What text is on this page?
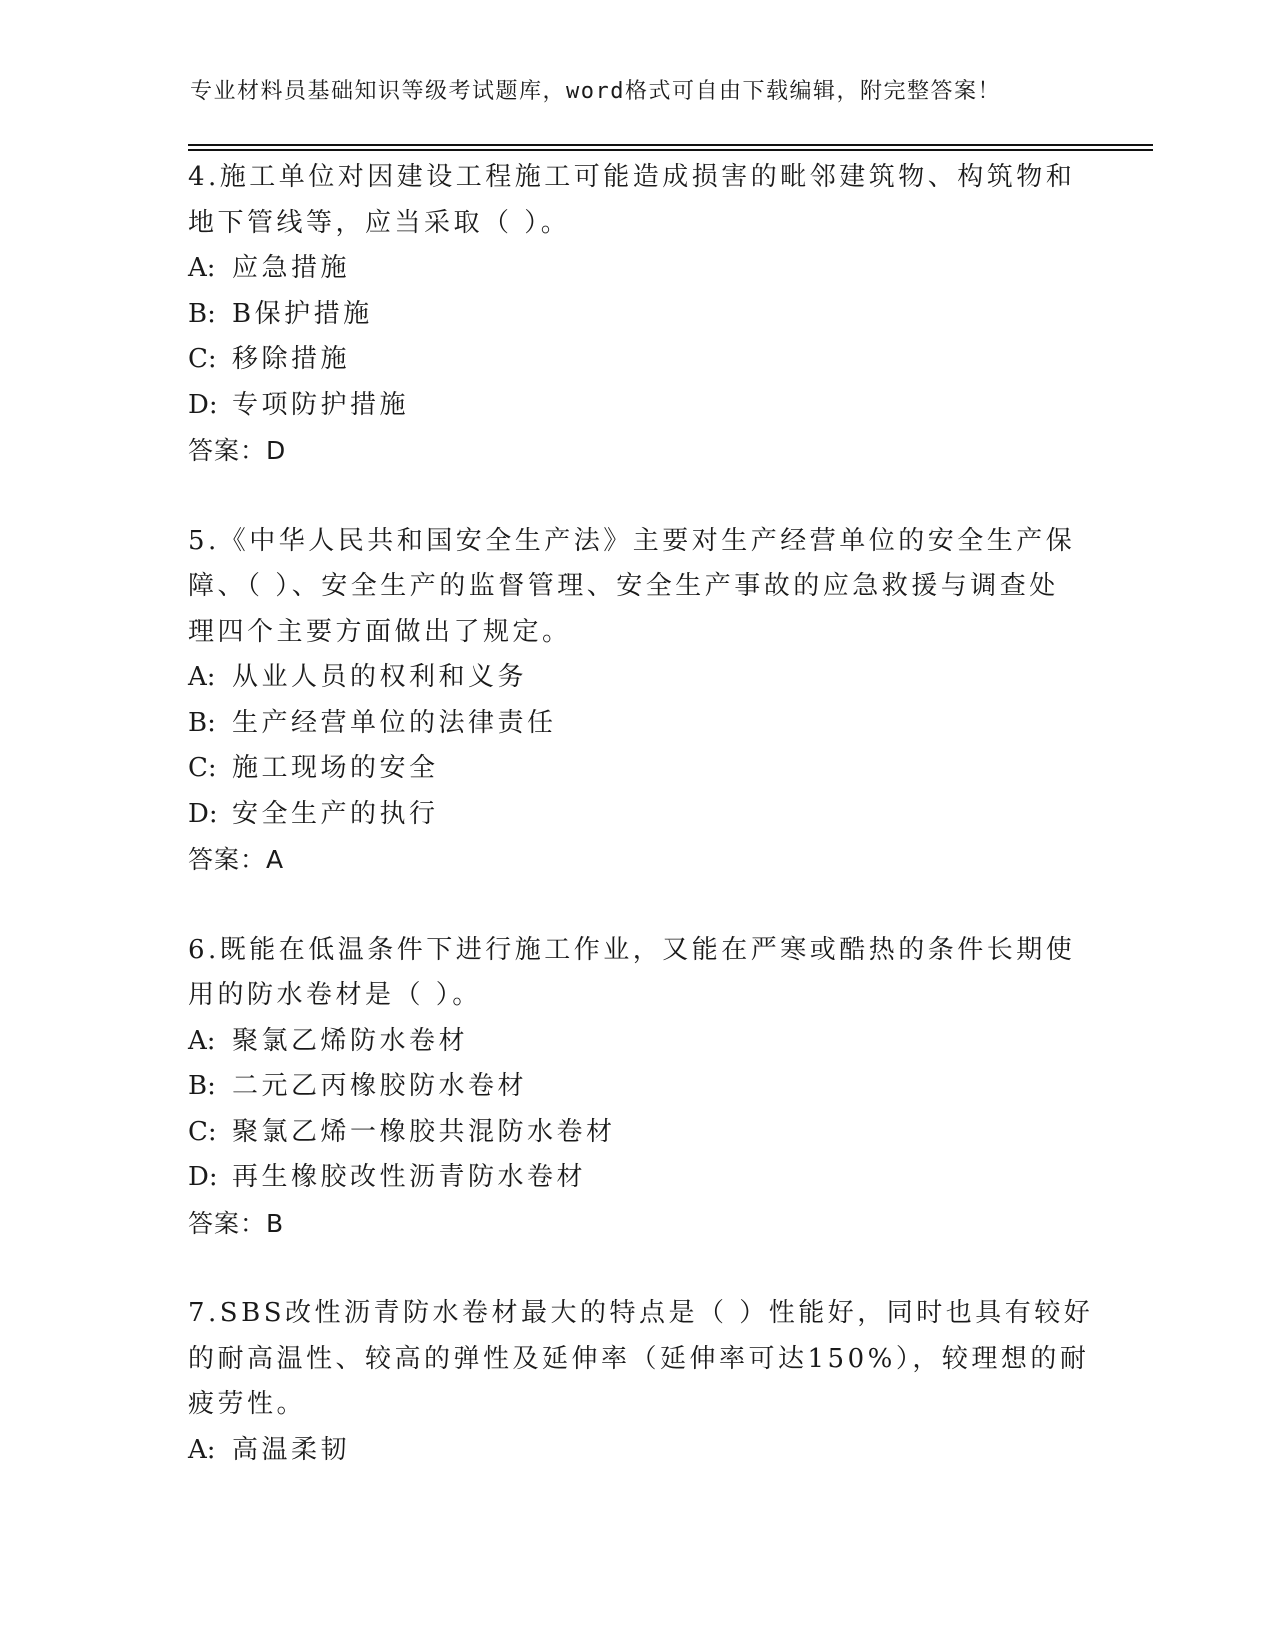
专业材料员基础知识等级考试题库，word格式可自由下载编辑，附完整答案！
4.施工单位对因建设工程施工可能造成损害的毗邻建筑物、构筑物和
地下管线等，应当采取（ ）。
A: 应急措施
B: B保护措施
C: 移除措施
D: 专项防护措施
答案：D
5.《中华人民共和国安全生产法》主要对生产经营单位的安全生产保
障、（ ）、安全生产的监督管理、安全生产事故的应急救援与调查处
理四个主要方面做出了规定。
A: 从业人员的权利和义务
B: 生产经营单位的法律责任
C: 施工现场的安全
D: 安全生产的执行
答案：A
6.既能在低温条件下进行施工作业，又能在严寒或酷热的条件长期使
用的防水卷材是（ ）。
A: 聚氯乙烯防水卷材
B: 二元乙丙橡胶防水卷材
C: 聚氯乙烯一橡胶共混防水卷材
D: 再生橡胶改性沥青防水卷材
答案：B
7.SBS改性沥青防水卷材最大的特点是（ ）性能好，同时也具有较好
的耐高温性、较高的弹性及延伸率（延伸率可达150%），较理想的耐
疲劳性。
A: 高温柔韧
